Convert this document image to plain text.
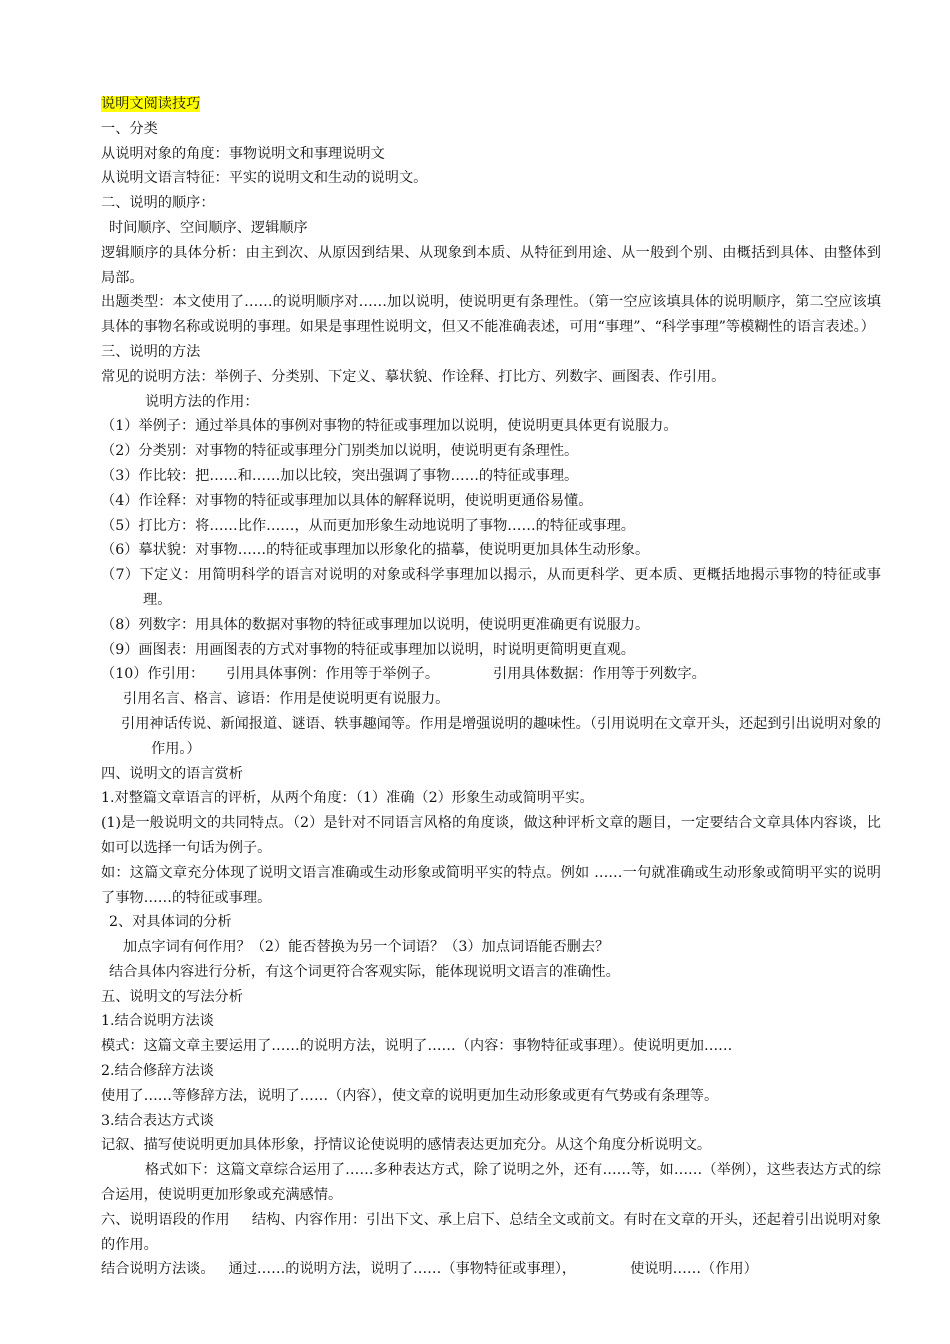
说明文阅读技巧
一、分类
从说明对象的角度：事物说明文和事理说明文
从说明文语言特征：平实的说明文和生动的说明文。
二、说明的顺序：
时间顺序、空间顺序、逻辑顺序
逻辑顺序的具体分析：由主到次、从原因到结果、从现象到本质、从特征到用途、从一般到个别、由概括到具体、由整体到局部。
出题类型：本文使用了……的说明顺序对……加以说明，使说明更有条理性。（第一空应该填具体的说明顺序，第二空应该填具体的事物名称或说明的事理。如果是事理性说明文，但又不能准确表述，可用“事理”、“科学事理”等模糊性的语言表述。）
三、说明的方法
常见的说明方法：举例子、分类别、下定义、摹状貌、作诠释、打比方、列数字、画图表、作引用。
说明方法的作用：
（1）举例子：通过举具体的事例对事物的特征或事理加以说明，使说明更具体更有说服力。
（2）分类别：对事物的特征或事理分门别类加以说明，使说明更有条理性。
（3）作比较：把……和……加以比较，突出强调了事物……的特征或事理。
（4）作诠释：对事物的特征或事理加以具体的解释说明，使说明更通俗易懂。
（5）打比方：将……比作……，从而更加形象生动地说明了事物……的特征或事理。
（6）摹状貌：对事物……的特征或事理加以形象化的描摹，使说明更加具体生动形象。
（7）下定义：用简明科学的语言对说明的对象或科学事理加以揭示，从而更科学、更本质、更概括地揭示事物的特征或事理。
（8）列数字：用具体的数据对事物的特征或事理加以说明，使说明更准确更有说服力。
（9）画图表：用画图表的方式对事物的特征或事理加以说明，时说明更简明更直观。
（10）作引用： 引用具体事例：作用等于举例子。	引用具体数据：作用等于列数字。
引用名言、格言、谚语：作用是使说明更有说服力。
引用神话传说、新闻报道、谜语、轶事趣闻等。作用是增强说明的趣味性。（引用说明在文章开头，还起到引出说明对象的作用。）
四、说明文的语言赏析
1.对整篇文章语言的评析，从两个角度：（1）准确（2）形象生动或简明平实。
(1)是一般说明文的共同特点。（2）是针对不同语言风格的角度谈，做这种评析文章的题目，一定要结合文章具体内容谈，比如可以选择一句话为例子。
如：这篇文章充分体现了说明文语言准确或生动形象或简明平实的特点。例如 ……一句就准确或生动形象或简明平实的说明了事物……的特征或事理。
2、对具体词的分析
加点字词有何作用？（2）能否替换为另一个词语？（3）加点词语能否删去？
结合具体内容进行分析，有这个词更符合客观实际，能体现说明文语言的准确性。
五、说明文的写法分析
1.结合说明方法谈
模式：这篇文章主要运用了……的说明方法，说明了……（内容：事物特征或事理）。使说明更加……
2.结合修辞方法谈
使用了……等修辞方法，说明了……（内容），使文章的说明更加生动形象或更有气势或有条理等。
3.结合表达方式谈
记叙、描写使说明更加具体形象，抒情议论使说明的感情表达更加充分。从这个角度分析说明文。
格式如下：这篇文章综合运用了……多种表达方式，除了说明之外，还有……等，如……（举例），这些表达方式的综合运用，使说明更加形象或充满感情。
六、说明语段的作用 结构、内容作用：引出下文、承上启下、总结全文或前文。有时在文章的开头，还起着引出说明对象的作用。
结合说明方法谈。 通过……的说明方法，说明了……（事物特征或事理），	使说明……（作用）
